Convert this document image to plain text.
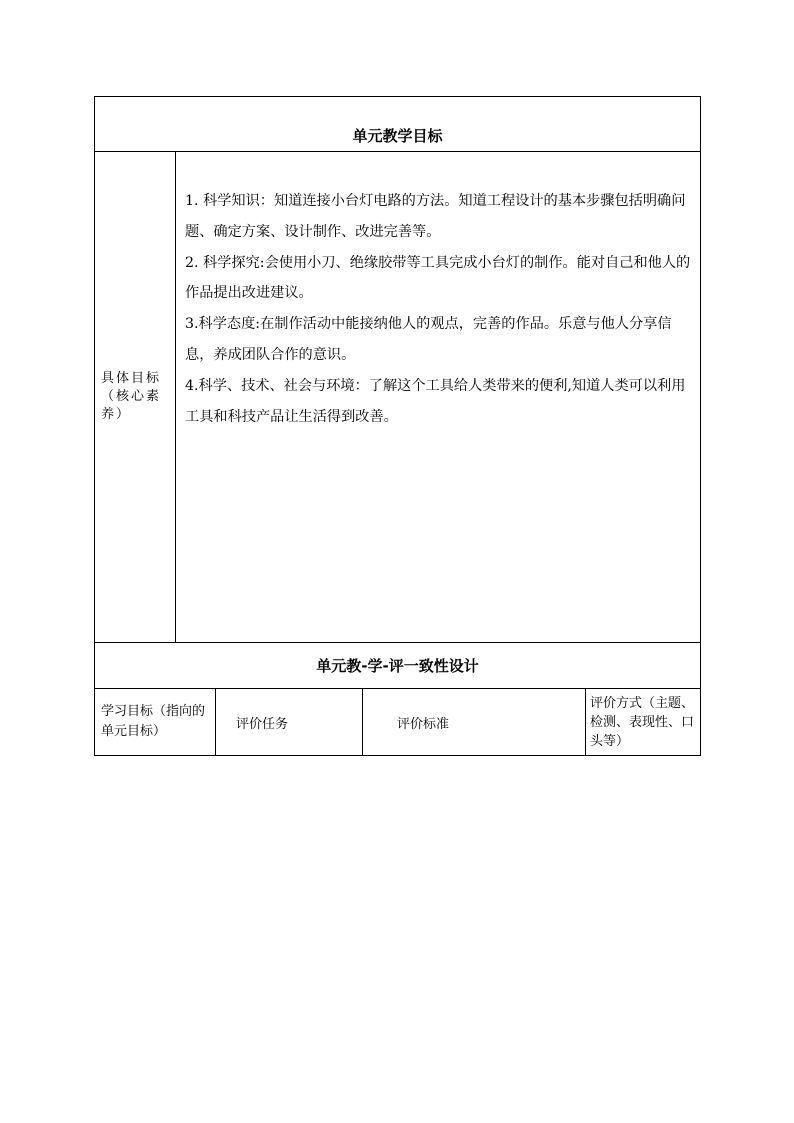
单元教学目标
具体目标（核心素养）

1. 科学知识：知道连接小台灯电路的方法。知道工程设计的基本步骤包括明确问题、确定方案、设计制作、改进完善等。

2. 科学探究:会使用小刀、绝缘胶带等工具完成小台灯的制作。能对自己和他人的作品提出改进建议。

3.科学态度:在制作活动中能接纳他人的观点，完善的作品。乐意与他人分享信息，养成团队合作的意识。

4.科学、技术、社会与环境：了解这个工具给人类带来的便利,知道人类可以利用工具和科技产品让生活得到改善。

单元教-学-评一致性设计
学习目标（指向的单元目标）	评价任务	评价标准
评价方式（主题、检测、表现性、口头等）
